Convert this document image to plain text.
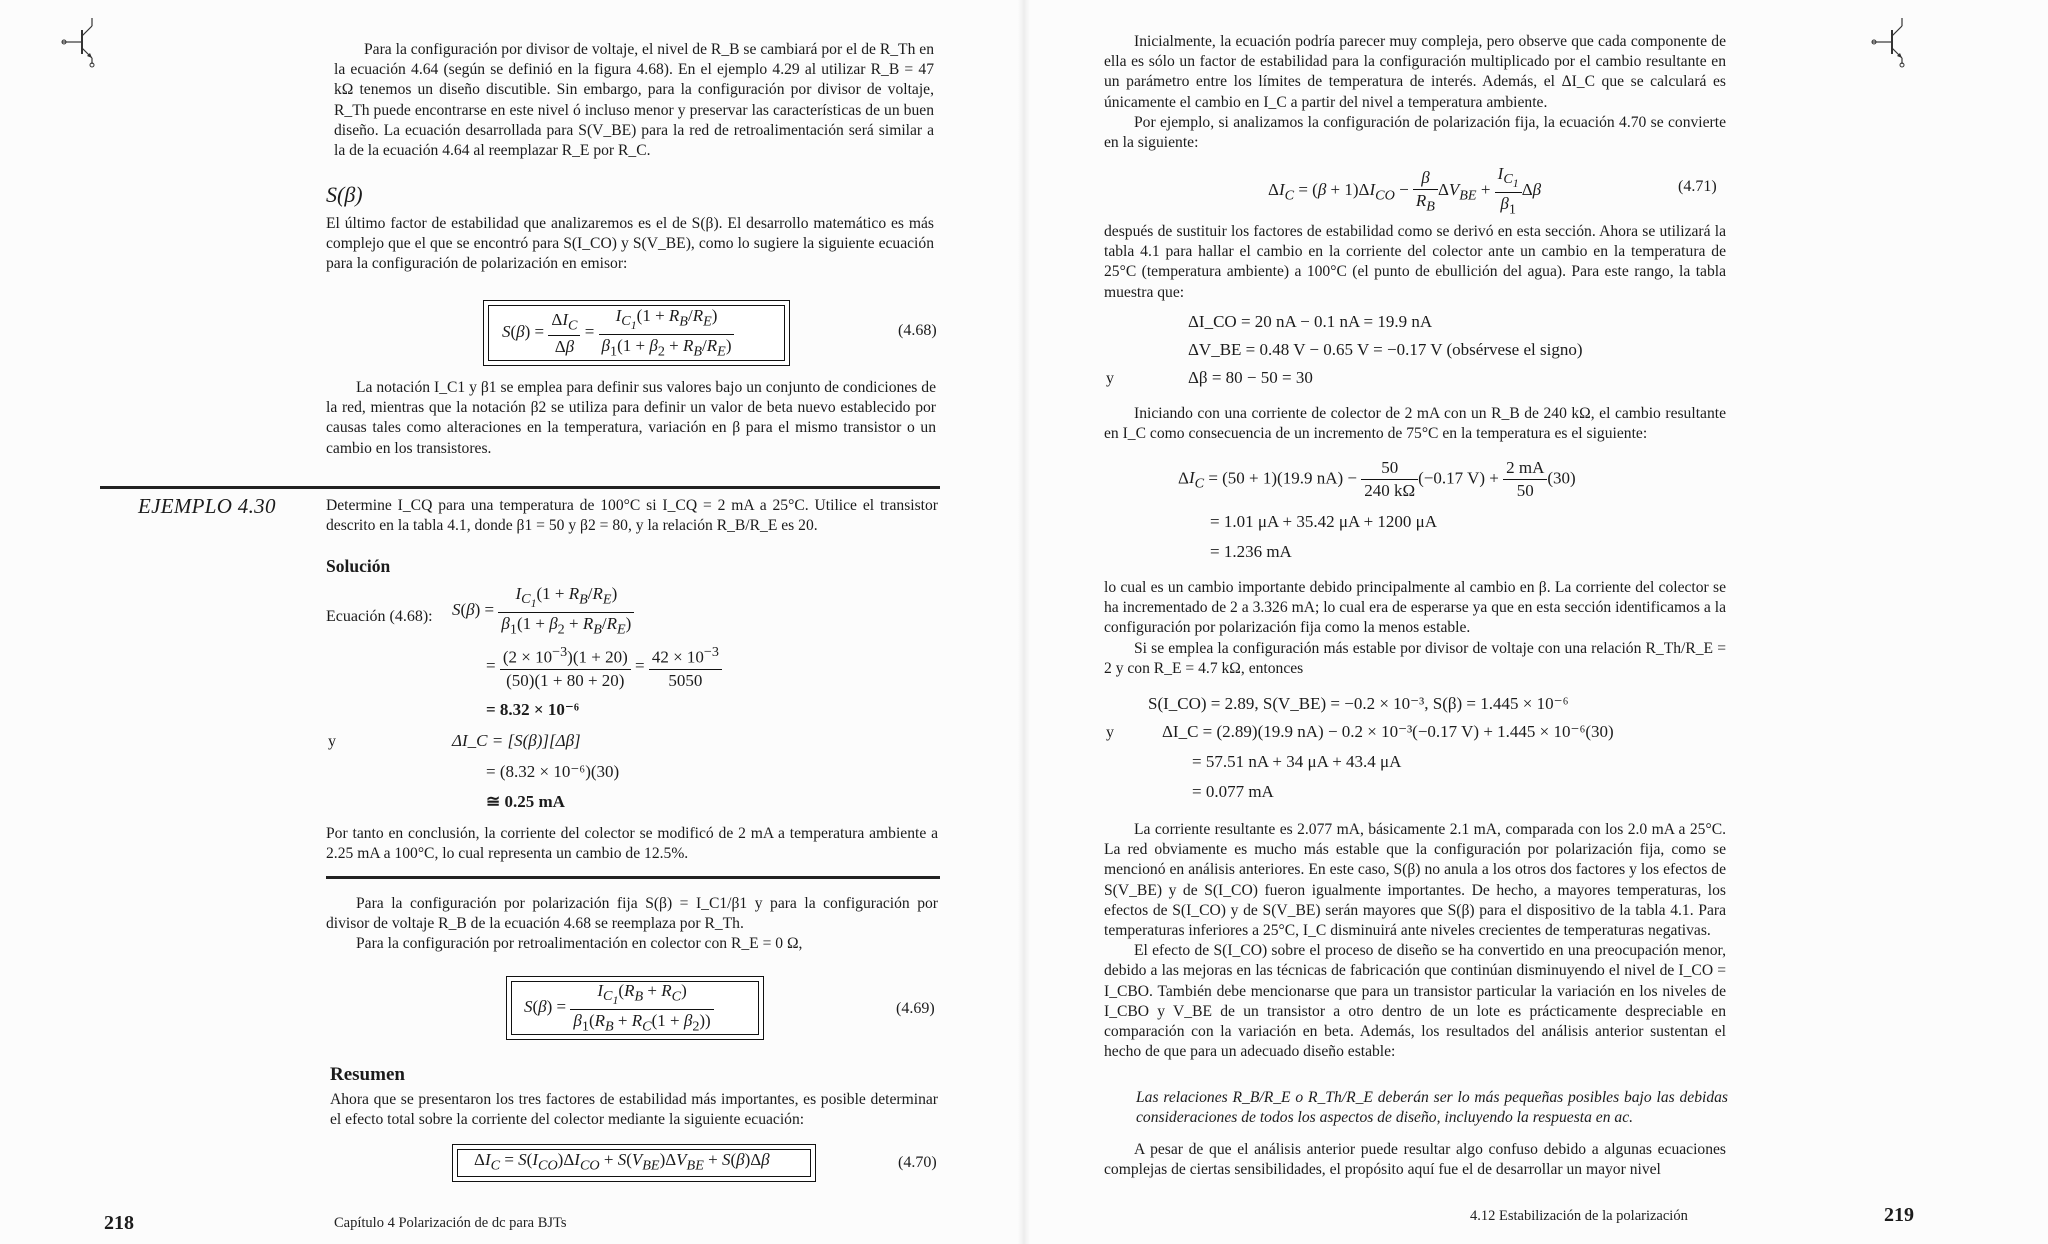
Para la configuración por divisor de voltaje, el nivel de R_B se cambiará por el de R_Th en la ecuación 4.64 (según se definió en la figura 4.68). En el ejemplo 4.29 al utilizar R_B = 47 kΩ tenemos un diseño discutible. Sin embargo, para la configuración por divisor de voltaje, R_Th puede encontrarse en este nivel ó incluso menor y preservar las características de un buen diseño. La ecuación desarrollada para S(V_BE) para la red de retroalimentación será similar a la de la ecuación 4.64 al reemplazar R_E por R_C.

S(β)

El último factor de estabilidad que analizaremos es el de S(β). El desarrollo matemático es más complejo que el que se encontró para S(I_CO) y S(V_BE), como lo sugiere la siguiente ecuación para la configuración de polarización en emisor:

$S(\beta) = \frac{\Delta I_C}{\Delta\beta} = \frac{I_{C_1}(1 + R_B/R_E)}{\beta_1(1 + \beta_2 + R_B/R_E)}$	(4.68)

La notación I_C1 y β1 se emplea para definir sus valores bajo un conjunto de condiciones de la red, mientras que la notación β2 se utiliza para definir un valor de beta nuevo establecido por causas tales como alteraciones en la temperatura, variación en β para el mismo transistor o un cambio en los transistores.

EJEMPLO 4.30	Determine I_CQ para una temperatura de 100°C si I_CQ = 2 mA a 25°C. Utilice el transistor descrito en la tabla 4.1, donde β1 = 50 y β2 = 80, y la relación R_B/R_E es 20.

Solución
Ecuación (4.68): $S(\beta) = \frac{I_{C_1}(1 + R_B/R_E)}{\beta_1(1 + \beta_2 + R_B/R_E)}$
= $\frac{(2 \times 10^{-3})(1 + 20)}{(50)(1 + 80 + 20)} = \frac{42 \times 10^{-3}}{5050}$
= 8.32 × 10⁻⁶
y	ΔI_C = [S(β)][Δβ]
= (8.32 × 10⁻⁶)(30)
≅ 0.25 mA

Por tanto en conclusión, la corriente del colector se modificó de 2 mA a temperatura ambiente a 2.25 mA a 100°C, lo cual representa un cambio de 12.5%.

Para la configuración por polarización fija S(β) = I_C1/β1 y para la configuración por divisor de voltaje R_B de la ecuación 4.68 se reemplaza por R_Th.

Para la configuración por retroalimentación en colector con R_E = 0 Ω,

$S(\beta) = \frac{I_{C_1}(R_B + R_C)}{\beta_1(R_B + R_C(1 + \beta_2))}$	(4.69)
Resumen

Ahora que se presentaron los tres factores de estabilidad más importantes, es posible determinar el efecto total sobre la corriente del colector mediante la siguiente ecuación:

$\Delta I_C = S(I_{CO})\Delta I_{CO} + S(V_{BE})\Delta V_{BE} + S(\beta)\Delta\beta$	(4.70)
218	Capítulo 4 Polarización de dc para BJTs

Inicialmente, la ecuación podría parecer muy compleja, pero observe que cada componente de ella es sólo un factor de estabilidad para la configuración multiplicado por el cambio resultante en un parámetro entre los límites de temperatura de interés. Además, el ΔI_C que se calculará es únicamente el cambio en I_C a partir del nivel a temperatura ambiente.

Por ejemplo, si analizamos la configuración de polarización fija, la ecuación 4.70 se convierte en la siguiente:

$\Delta I_C = (\beta + 1)\Delta I_{CO} - \frac{\beta}{R_B} \Delta V_{BE} + \frac{I_{C_1}}{\beta_1}$ Δβ	(4.71)

después de sustituir los factores de estabilidad como se derivó en esta sección. Ahora se utilizará la tabla 4.1 para hallar el cambio en la corriente del colector ante un cambio en la temperatura de 25°C (temperatura ambiente) a 100°C (el punto de ebullición del agua). Para este rango, la tabla muestra que:

ΔI_CO = 20 nA − 0.1 nA = 19.9 nA
ΔV_BE = 0.48 V − 0.65 V = −0.17 V (obsérvese el signo)
y	Δβ = 80 − 50 = 30

Iniciando con una corriente de colector de 2 mA con un R_B de 240 kΩ, el cambio resultante en I_C como consecuencia de un incremento de 75°C en la temperatura es el siguiente:

$\Delta I_C = (50 + 1)(19.9$ $nA) - \frac{50}{240 k\Omega} (-0.17$ $V) + \frac{2 mA}{50} (30)$
= 1.01 μA + 35.42 μA + 1200 μA
= 1.236 mA

lo cual es un cambio importante debido principalmente al cambio en β. La corriente del colector se ha incrementado de 2 a 3.326 mA; lo cual era de esperarse ya que en esta sección identificamos a la configuración por polarización fija como la menos estable.

Si se emplea la configuración más estable por divisor de voltaje con una relación R_Th/R_E = 2 y con R_E = 4.7 kΩ, entonces

S(I_CO) = 2.89, S(V_BE) = −0.2 × 10⁻³, S(β) = 1.445 × 10⁻⁶
y	ΔI_C = (2.89)(19.9 nA) − 0.2 × 10⁻³(−0.17 V) + 1.445 × 10⁻⁶(30)
= 57.51 nA + 34 μA + 43.4 μA
= 0.077 mA

La corriente resultante es 2.077 mA, básicamente 2.1 mA, comparada con los 2.0 mA a 25°C. La red obviamente es mucho más estable que la configuración por polarización fija, como se mencionó en análisis anteriores. En este caso, S(β) no anula a los otros dos factores y los efectos de S(V_BE) y de S(I_CO) fueron igualmente importantes. De hecho, a mayores temperaturas, los efectos de S(I_CO) y de S(V_BE) serán mayores que S(β) para el dispositivo de la tabla 4.1. Para temperaturas inferiores a 25°C, I_C disminuirá ante niveles crecientes de temperaturas negativas.

El efecto de S(I_CO) sobre el proceso de diseño se ha convertido en una preocupación menor, debido a las mejoras en las técnicas de fabricación que continúan disminuyendo el nivel de I_CO = I_CBO. También debe mencionarse que para un transistor particular la variación en los niveles de I_CBO y V_BE de un transistor a otro dentro de un lote es prácticamente despreciable en comparación con la variación en beta. Además, los resultados del análisis anterior sustentan el hecho de que para un adecuado diseño estable:

Las relaciones R_B/R_E o R_Th/R_E deberán ser lo más pequeñas posibles bajo las debidas consideraciones de todos los aspectos de diseño, incluyendo la respuesta en ac.

A pesar de que el análisis anterior puede resultar algo confuso debido a algunas ecuaciones complejas de ciertas sensibilidades, el propósito aquí fue el de desarrollar un mayor nivel

4.12 Estabilización de la polarización	219
